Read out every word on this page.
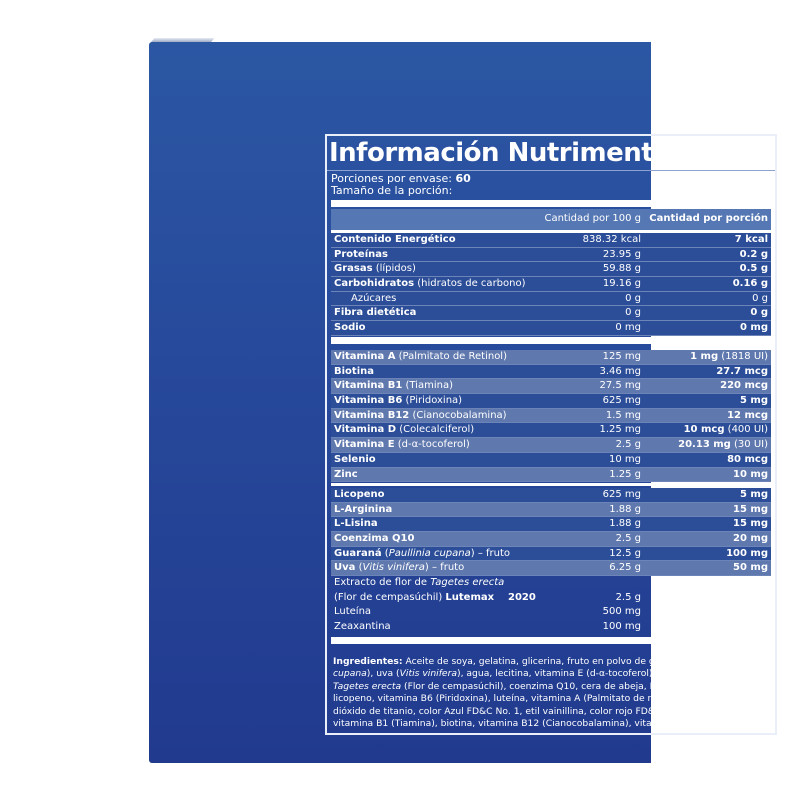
Información Nutrimental
Porciones por envase: 60
Tamaño de la porción:	1 cápsula
Cantidad por 100 g Cantidad por porción
Contenido Energético	838.32 kcal	7 kcal
Proteínas	23.95 g	0.2 g
Grasas (lípidos)	59.88 g	0.5 g
Carbohidratos (hidratos de carbono)	19.16 g	0.16 g
Azúcares	0 g	0 g
Fibra dietética	0 g	0 g
Sodio	0 mg	0 mg
Vitamina A (Palmitato de Retinol)	125 mg	1 mg (1818 UI)
Biotina	3.46 mg	27.7 mcg
Vitamina B1 (Tiamina)	27.5 mg	220 mcg
Vitamina B6 (Piridoxina)	625 mg	5 mg
Vitamina B12 (Cianocobalamina)	1.5 mg	12 mcg
Vitamina D (Colecalciferol)	1.25 mg	10 mcg (400 UI)
Vitamina E (d-α-tocoferol)	2.5 g	20.13 mg (30 UI)
Selenio	10 mg	80 mcg
Zinc	1.25 g	10 mg
Licopeno	625 mg	5 mg
L-Arginina	1.88 g	15 mg
L-Lisina	1.88 g	15 mg
Coenzima Q10	2.5 g	20 mg
Guaraná (Paullinia cupana) – fruto	12.5 g	100 mg
Uva (Vitis vinifera) – fruto	6.25 g	50 mg
Extracto de flor de Tagetes erecta
(Flor de cempasúchil) Lutemax    2020	2.5 g	20 mg
Luteína	500 mg	4 mg
Zeaxantina	100 mg	0.8 mg
Ingredientes: Aceite de soya, gelatina, glicerina, fruto en polvo de guaraná (Paullinia cupana), uva (Vitis vinifera), agua, lecitina, vitamina E (d-α-tocoferol), extracto de flor de Tagetes erecta (Flor de cempasúchil), coenzima Q10, cera de abeja, L-arginina, L-lisina, zinc, licopeno, vitamina B6 (Piridoxina), luteína, vitamina A (Palmitato de retinol), zeaxantina, dióxido de titanio, color Azul FD&C No. 1, etil vainillina, color rojo FD&C No. 40, selenio, vitamina B1 (Tiamina), biotina, vitamina B12 (Cianocobalamina), vitamina D (Colecalciferol).
